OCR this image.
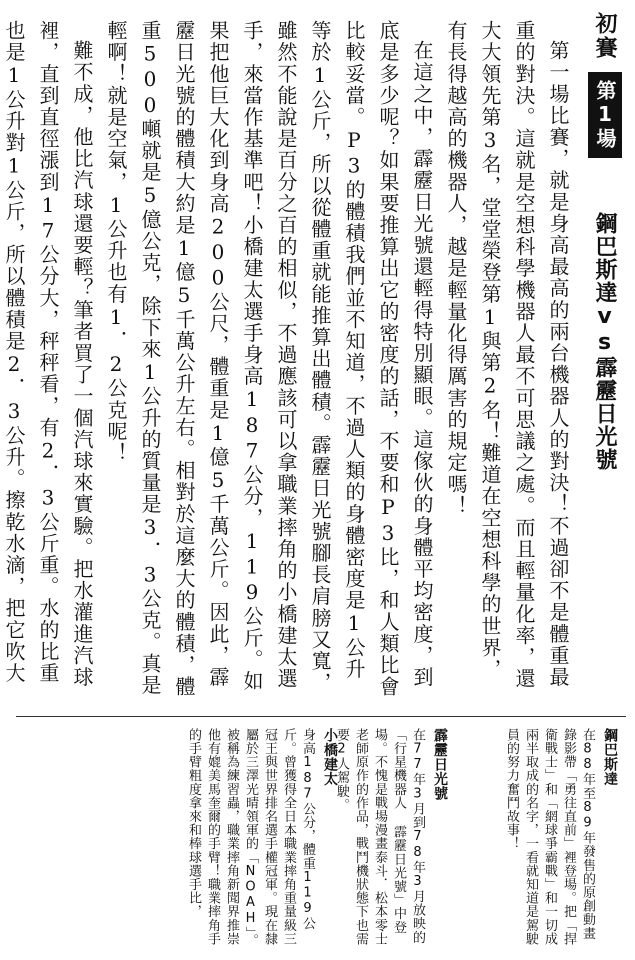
初賽
第1場
鋼巴斯達vs霹靂日光號

第一場比賽，就是身高最高的兩台機器人的對決！不過卻不是體重最重的對決。這就是空想科學機器人最不可思議之處。而且輕量化率，還大大領先第3名，堂堂榮登第1與第2名！難道在空想科學的世界，有長得越高的機器人，越是輕量化得厲害的規定嗎！

在這之中，霹靂日光號還輕得特別顯眼。這傢伙的身體平均密度，到底是多少呢？如果要推算出它的密度的話，不要和P3比，和人類比會比較妥當。P3的體積我們並不知道，不過人類的身體密度是1公升等於1公斤，所以從體重就能推算出體積。霹靂日光號腳長肩膀又寬，雖然不能說是百分之百的相似，不過應該可以拿職業摔角的小橋建太選手，來當作基準吧！小橋建太選手身高187公分，119公斤。如果把他巨大化到身高200公尺，體重是1億5千萬公斤。因此，霹靂日光號的體積大約是1億5千萬公升左右。相對於這麼大的體積，體重500噸就是5億公克，除下來1公升的質量是3．3公克。真是輕啊！就是空氣，1公升也有1．2公克呢！

難不成，他比汽球還要輕？筆者買了一個汽球來實驗。把水灌進汽球裡，直到直徑漲到17公分大，秤秤看，有2．3公斤重。水的比重也是1公升對1公斤，所以體積是2．3公升。擦乾水滴，把它吹大

鋼巴斯達

在88年至89年發售的原創動畫錄影帶「勇往直前」裡登場。把「捍衛戰士」和「網球爭霸戰」和一切成兩半取成的名字，一看就知道是駕駛員的努力奮鬥故事！

霹靂日光號

在77年3月到78年3月放映的「行星機器人 霹靂日光號」中登場。不愧是戰場漫畫泰斗．松本零士老師原作的作品，戰鬥機狀態下也需要2人駕駛。

小橋建太

身高187公分，體重119公斤。曾獲得全日本職業摔角重量級三冠王與世界排名選手權冠軍。現在隸屬於三澤光晴領軍的「NOAH」。被稱為練習蟲，職業摔角新聞界推崇他有媲美馬奎爾的手臂！職業摔角手的手臂粗度拿來和棒球選手比，
